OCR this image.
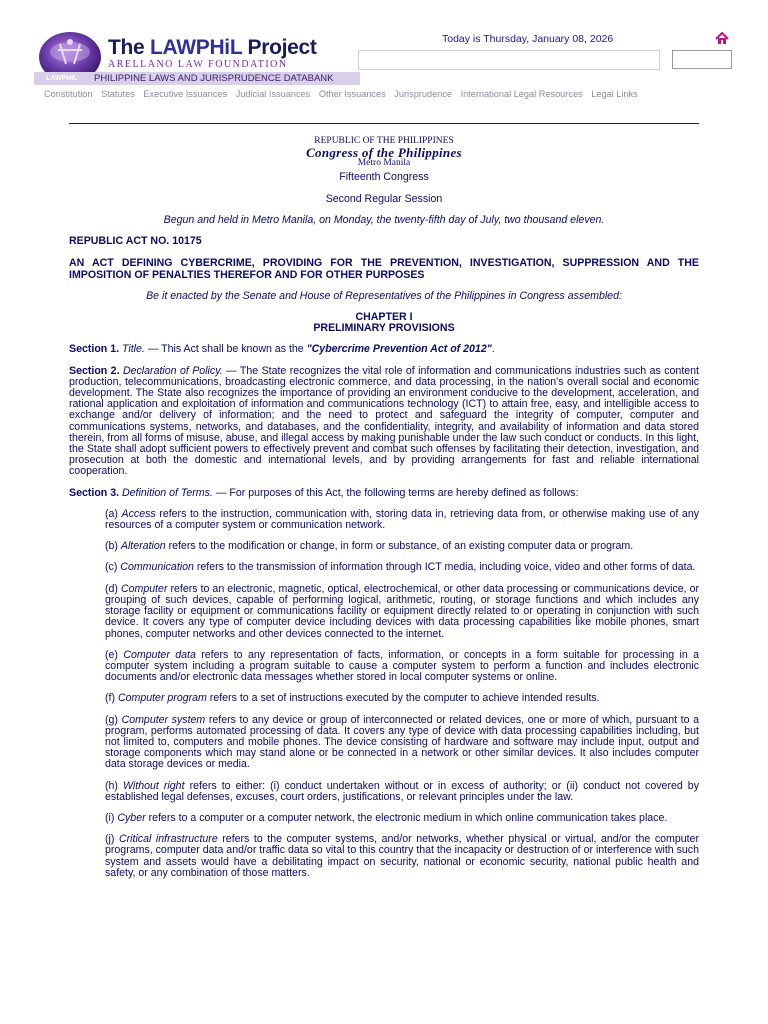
The LAWPHiL Project
ARELLANO LAW FOUNDATION
PHILIPPINE LAWS AND JURISPRUDENCE DATABANK
LAWPHIL
Today is Thursday, January 08, 2026
Constitution Statutes Executive Issuances Judicial Issuances Other Issuances Jurisprudence International Legal Resources Legal Links

REPUBLIC OF THE PHILIPPINES

Congress of the Philippines

Metro Manila

Fifteenth Congress

Second Regular Session

Begun and held in Metro Manila, on Monday, the twenty-fifth day of July, two thousand eleven.

REPUBLIC ACT NO. 10175

AN ACT DEFINING CYBERCRIME, PROVIDING FOR THE PREVENTION, INVESTIGATION, SUPPRESSION AND THE IMPOSITION OF PENALTIES THEREFOR AND FOR OTHER PURPOSES

Be it enacted by the Senate and House of Representatives of the Philippines in Congress assembled:

CHAPTER I

PRELIMINARY PROVISIONS

Section 1. Title. — This Act shall be known as the "Cybercrime Prevention Act of 2012".

Section 2. Declaration of Policy. — The State recognizes the vital role of information and communications industries such as content production, telecommunications, broadcasting electronic commerce, and data processing, in the nation's overall social and economic development. The State also recognizes the importance of providing an environment conducive to the development, acceleration, and rational application and exploitation of information and communications technology (ICT) to attain free, easy, and intelligible access to exchange and/or delivery of information; and the need to protect and safeguard the integrity of computer, computer and communications systems, networks, and databases, and the confidentiality, integrity, and availability of information and data stored therein, from all forms of misuse, abuse, and illegal access by making punishable under the law such conduct or conducts. In this light, the State shall adopt sufficient powers to effectively prevent and combat such offenses by facilitating their detection, investigation, and prosecution at both the domestic and international levels, and by providing arrangements for fast and reliable international cooperation.

Section 3. Definition of Terms. — For purposes of this Act, the following terms are hereby defined as follows:

(a) Access refers to the instruction, communication with, storing data in, retrieving data from, or otherwise making use of any resources of a computer system or communication network.

(b) Alteration refers to the modification or change, in form or substance, of an existing computer data or program.

(c) Communication refers to the transmission of information through ICT media, including voice, video and other forms of data.

(d) Computer refers to an electronic, magnetic, optical, electrochemical, or other data processing or communications device, or grouping of such devices, capable of performing logical, arithmetic, routing, or storage functions and which includes any storage facility or equipment or communications facility or equipment directly related to or operating in conjunction with such device. It covers any type of computer device including devices with data processing capabilities like mobile phones, smart phones, computer networks and other devices connected to the internet.

(e) Computer data refers to any representation of facts, information, or concepts in a form suitable for processing in a computer system including a program suitable to cause a computer system to perform a function and includes electronic documents and/or electronic data messages whether stored in local computer systems or online.

(f) Computer program refers to a set of instructions executed by the computer to achieve intended results.

(g) Computer system refers to any device or group of interconnected or related devices, one or more of which, pursuant to a program, performs automated processing of data. It covers any type of device with data processing capabilities including, but not limited to, computers and mobile phones. The device consisting of hardware and software may include input, output and storage components which may stand alone or be connected in a network or other similar devices. It also includes computer data storage devices or media.

(h) Without right refers to either: (i) conduct undertaken without or in excess of authority; or (ii) conduct not covered by established legal defenses, excuses, court orders, justifications, or relevant principles under the law.

(i) Cyber refers to a computer or a computer network, the electronic medium in which online communication takes place.

(j) Critical infrastructure refers to the computer systems, and/or networks, whether physical or virtual, and/or the computer programs, computer data and/or traffic data so vital to this country that the incapacity or destruction of or interference with such system and assets would have a debilitating impact on security, national or economic security, national public health and safety, or any combination of those matters.
